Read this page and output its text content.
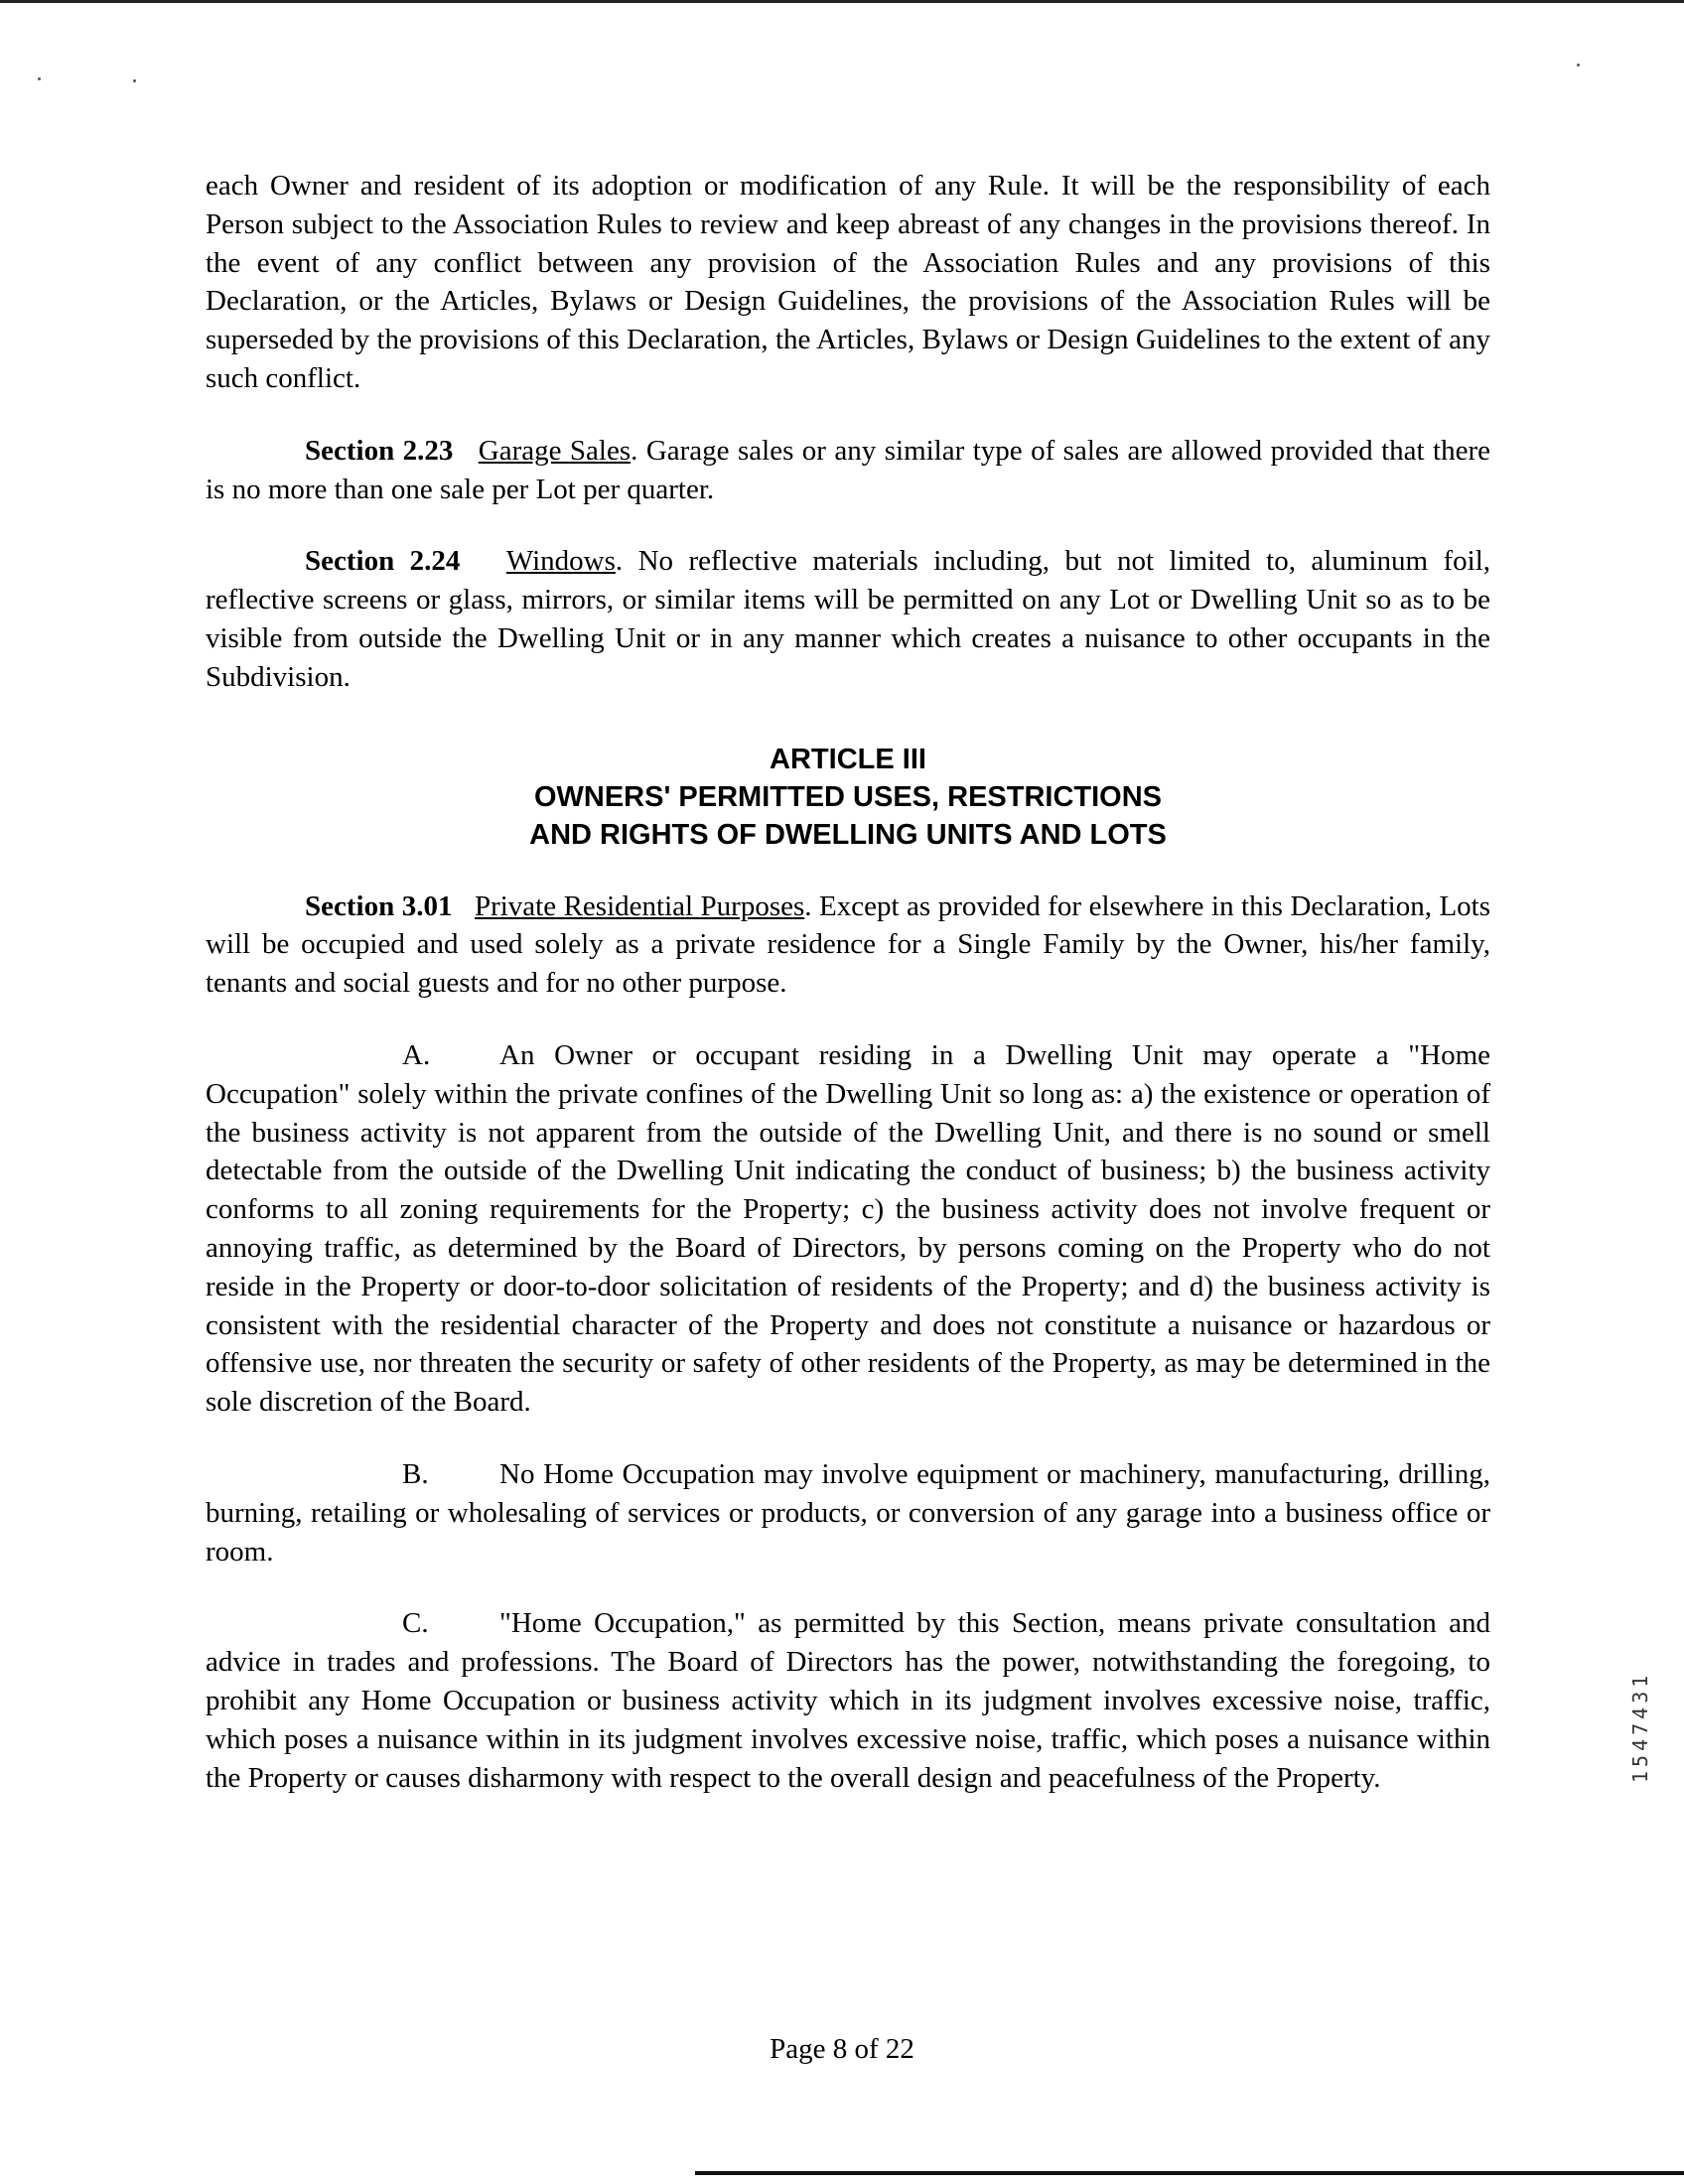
each Owner and resident of its adoption or modification of any Rule. It will be the responsibility of each Person subject to the Association Rules to review and keep abreast of any changes in the provisions thereof. In the event of any conflict between any provision of the Association Rules and any provisions of this Declaration, or the Articles, Bylaws or Design Guidelines, the provisions of the Association Rules will be superseded by the provisions of this Declaration, the Articles, Bylaws or Design Guidelines to the extent of any such conflict.

Section 2.23 Garage Sales. Garage sales or any similar type of sales are allowed provided that there is no more than one sale per Lot per quarter.

Section 2.24 Windows. No reflective materials including, but not limited to, aluminum foil, reflective screens or glass, mirrors, or similar items will be permitted on any Lot or Dwelling Unit so as to be visible from outside the Dwelling Unit or in any manner which creates a nuisance to other occupants in the Subdivision.

ARTICLE III
OWNERS' PERMITTED USES, RESTRICTIONS
AND RIGHTS OF DWELLING UNITS AND LOTS

Section 3.01 Private Residential Purposes. Except as provided for elsewhere in this Declaration, Lots will be occupied and used solely as a private residence for a Single Family by the Owner, his/her family, tenants and social guests and for no other purpose.

A. An Owner or occupant residing in a Dwelling Unit may operate a "Home Occupation" solely within the private confines of the Dwelling Unit so long as: a) the existence or operation of the business activity is not apparent from the outside of the Dwelling Unit, and there is no sound or smell detectable from the outside of the Dwelling Unit indicating the conduct of business; b) the business activity conforms to all zoning requirements for the Property; c) the business activity does not involve frequent or annoying traffic, as determined by the Board of Directors, by persons coming on the Property who do not reside in the Property or door-to-door solicitation of residents of the Property; and d) the business activity is consistent with the residential character of the Property and does not constitute a nuisance or hazardous or offensive use, nor threaten the security or safety of other residents of the Property, as may be determined in the sole discretion of the Board.

B. No Home Occupation may involve equipment or machinery, manufacturing, drilling, burning, retailing or wholesaling of services or products, or conversion of any garage into a business office or room.

C. "Home Occupation," as permitted by this Section, means private consultation and advice in trades and professions. The Board of Directors has the power, notwithstanding the foregoing, to prohibit any Home Occupation or business activity which in its judgment involves excessive noise, traffic, which poses a nuisance within in its judgment involves excessive noise, traffic, which poses a nuisance within the Property or causes disharmony with respect to the overall design and peacefulness of the Property.

Page 8 of 22
1547431
